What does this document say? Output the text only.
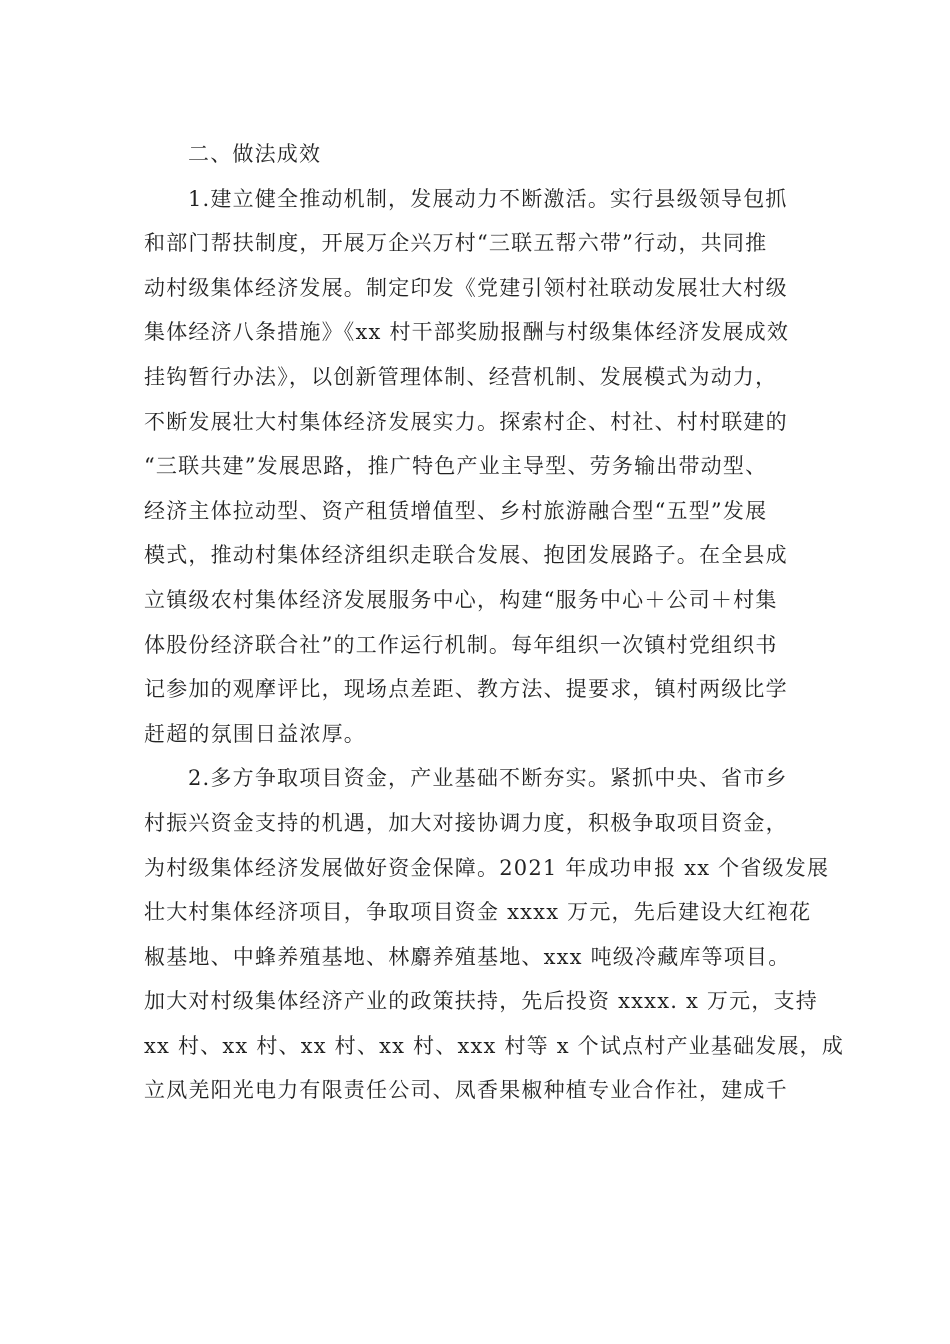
二、做法成效

1.建立健全推动机制，发展动力不断激活。实行县级领导包抓
和部门帮扶制度，开展万企兴万村“三联五帮六带”行动，共同推
动村级集体经济发展。制定印发《党建引领村社联动发展壮大村级
集体经济八条措施》《xx 村干部奖励报酬与村级集体经济发展成效
挂钩暂行办法》，以创新管理体制、经营机制、发展模式为动力，
不断发展壮大村集体经济发展实力。探索村企、村社、村村联建的
“三联共建”发展思路，推广特色产业主导型、劳务输出带动型、
经济主体拉动型、资产租赁增值型、乡村旅游融合型“五型”发展
模式，推动村集体经济组织走联合发展、抱团发展路子。在全县成
立镇级农村集体经济发展服务中心，构建“服务中心＋公司＋村集
体股份经济联合社”的工作运行机制。每年组织一次镇村党组织书
记参加的观摩评比，现场点差距、教方法、提要求，镇村两级比学
赶超的氛围日益浓厚。

2.多方争取项目资金，产业基础不断夯实。紧抓中央、省市乡
村振兴资金支持的机遇，加大对接协调力度，积极争取项目资金，
为村级集体经济发展做好资金保障。2021 年成功申报 xx 个省级发展
壮大村集体经济项目，争取项目资金 xxxx 万元，先后建设大红袍花
椒基地、中蜂养殖基地、林麝养殖基地、xxx 吨级冷藏库等项目。
加大对村级集体经济产业的政策扶持，先后投资 xxxx. x 万元，支持
xx 村、xx 村、xx 村、xx 村、xxx 村等 x 个试点村产业基础发展，成
立凤羌阳光电力有限责任公司、凤香果椒种植专业合作社，建成千
